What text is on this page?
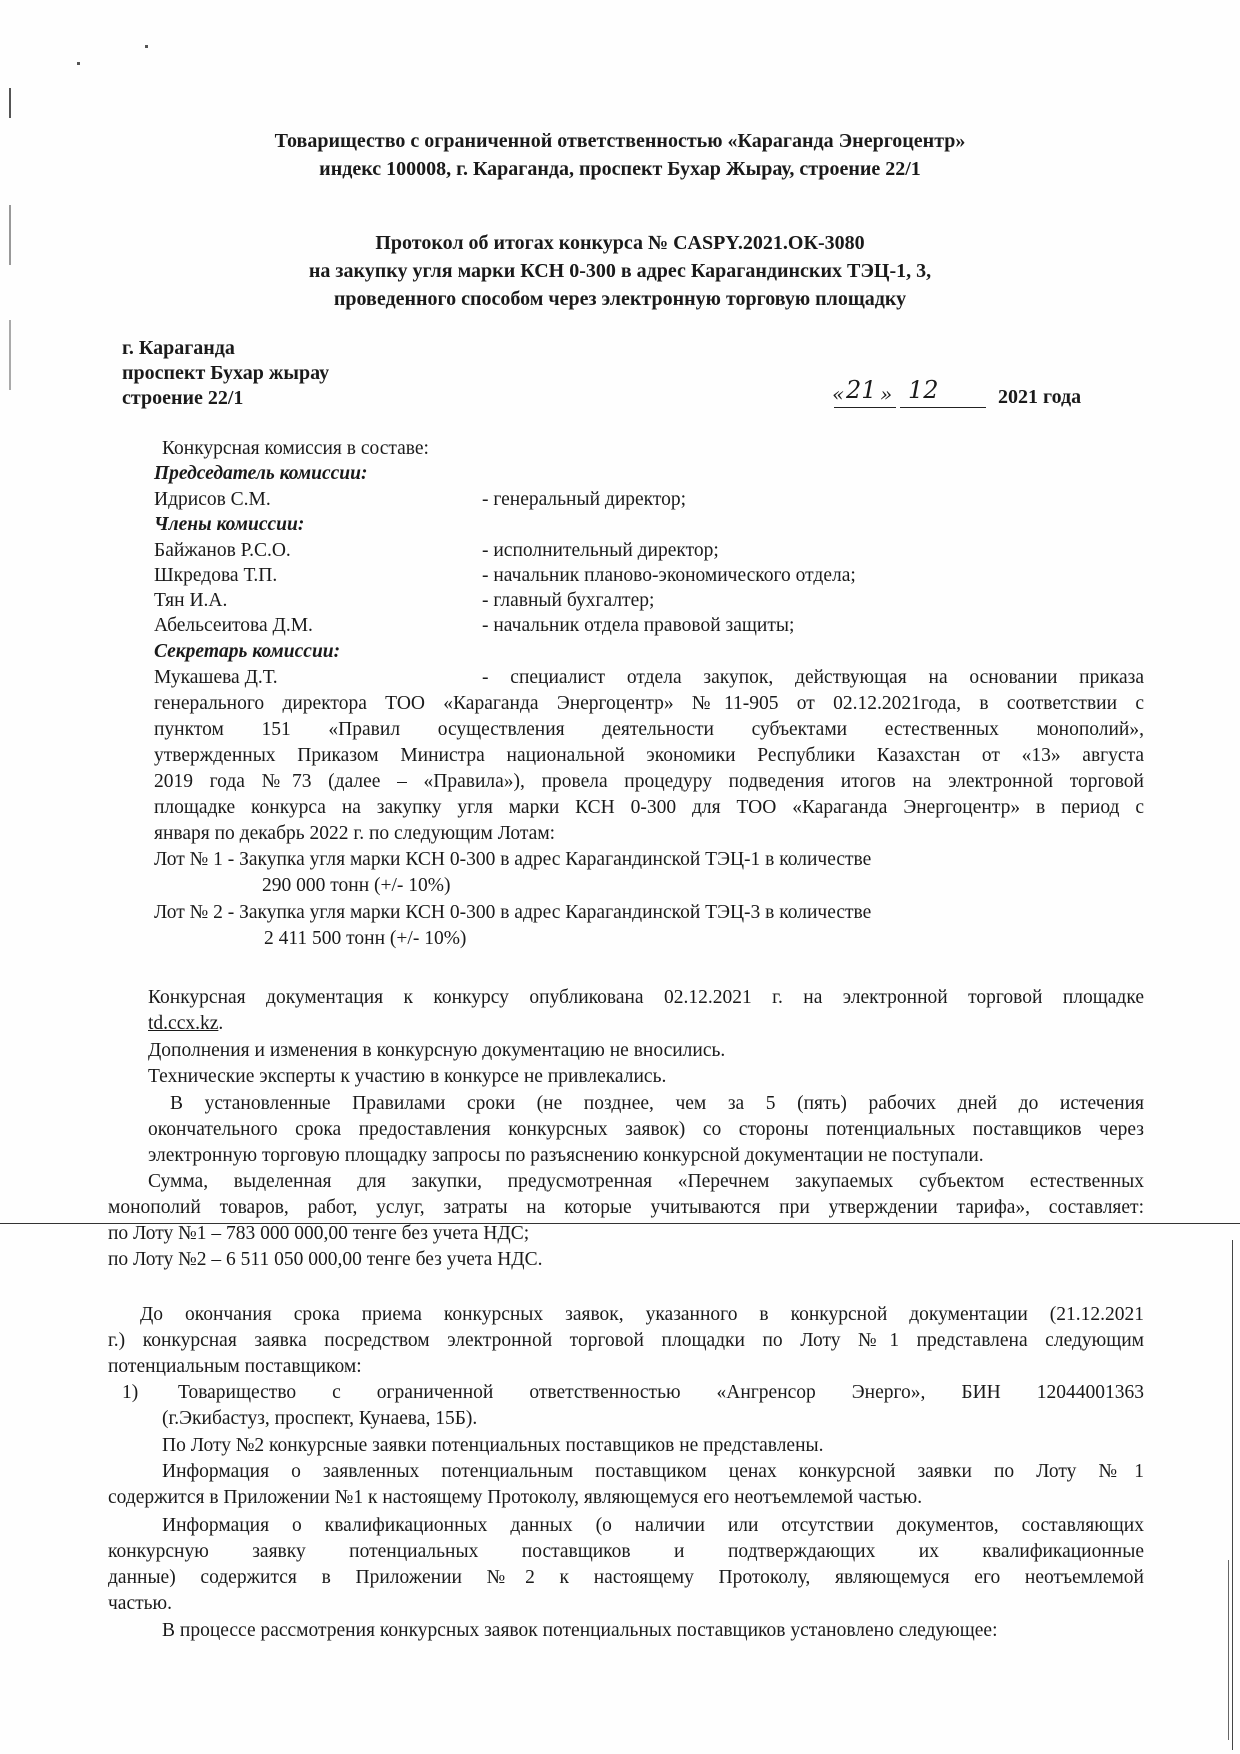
Товарищество с ограниченной ответственностью «Караганда Энергоцентр»
индекс 100008, г. Караганда, проспект Бухар Жырау, строение 22/1
Протокол об итогах конкурса № CASPY.2021.ОК-3080
на закупку угля марки КСН 0-300 в адрес Карагандинских ТЭЦ-1, 3,
проведенного способом через электронную торговую площадку
г. Караганда
проспект Бухар жырау
строение 22/1	« 21 » 12	2021 года
Конкурсная комиссия в составе:
Председатель комиссии:
Идрисов С.М.	- генеральный директор;
Члены комиссии:
Байжанов Р.С.О.	- исполнительный директор;
Шкредова Т.П.	- начальник планово-экономического отдела;
Тян И.А.	- главный бухгалтер;
Абельсеитова Д.М.	- начальник отдела правовой защиты;
Секретарь комиссии:
Мукашева Д.Т.	- специалист отдела закупок, действующая на основании приказа
генерального директора ТОО «Караганда Энергоцентр» №11-905 от 02.12.2021года, в соответствии с
пунктом 151 «Правил осуществления деятельности субъектами естественных монополий»,
утвержденных Приказом Министра национальной экономики Республики Казахстан от «13» августа
2019 года №73 (далее – «Правила»), провела процедуру подведения итогов на электронной торговой
площадке конкурса на закупку угля марки КСН 0-300 для ТОО «Караганда Энергоцентр» в период с
января по декабрь 2022 г. по следующим Лотам:
Лот № 1 - Закупка угля марки КСН 0-300 в адрес Карагандинской ТЭЦ-1 в количестве
290 000 тонн (+/- 10%)
Лот № 2 - Закупка угля марки КСН 0-300 в адрес Карагандинской ТЭЦ-3 в количестве
2 411 500 тонн (+/- 10%)
Конкурсная документация к конкурсу опубликована 02.12.2021 г. на электронной торговой площадке
td.ccx.kz.
Дополнения и изменения в конкурсную документацию не вносились.
Технические эксперты к участию в конкурсе не привлекались.
В установленные Правилами сроки (не позднее, чем за 5 (пять) рабочих дней до истечения
окончательного срока предоставления конкурсных заявок) со стороны потенциальных поставщиков через
электронную торговую площадку запросы по разъяснению конкурсной документации не поступали.
Сумма, выделенная для закупки, предусмотренная «Перечнем закупаемых субъектом естественных
монополий товаров, работ, услуг, затраты на которые учитываются при утверждении тарифа», составляет:
по Лоту №1 – 783 000 000,00 тенге без учета НДС;
по Лоту №2 – 6 511 050 000,00 тенге без учета НДС.
До окончания срока приема конкурсных заявок, указанного в конкурсной документации (21.12.2021
г.) конкурсная заявка посредством электронной торговой площадки по Лоту №1 представлена следующим
потенциальным поставщиком:
1) Товарищество с ограниченной ответственностью «Ангренсор Энерго», БИН 12044001363
(г.Экибастуз, проспект, Кунаева, 15Б).
По Лоту №2 конкурсные заявки потенциальных поставщиков не представлены.
Информация о заявленных потенциальным поставщиком ценах конкурсной заявки по Лоту №1
содержится в Приложении №1 к настоящему Протоколу, являющемуся его неотъемлемой частью.
Информация о квалификационных данных (о наличии или отсутствии документов, составляющих
конкурсную заявку потенциальных поставщиков и подтверждающих их квалификационные
данные) содержится в Приложении №2 к настоящему Протоколу, являющемуся его неотъемлемой
частью.
В процессе рассмотрения конкурсных заявок потенциальных поставщиков установлено следующее:
